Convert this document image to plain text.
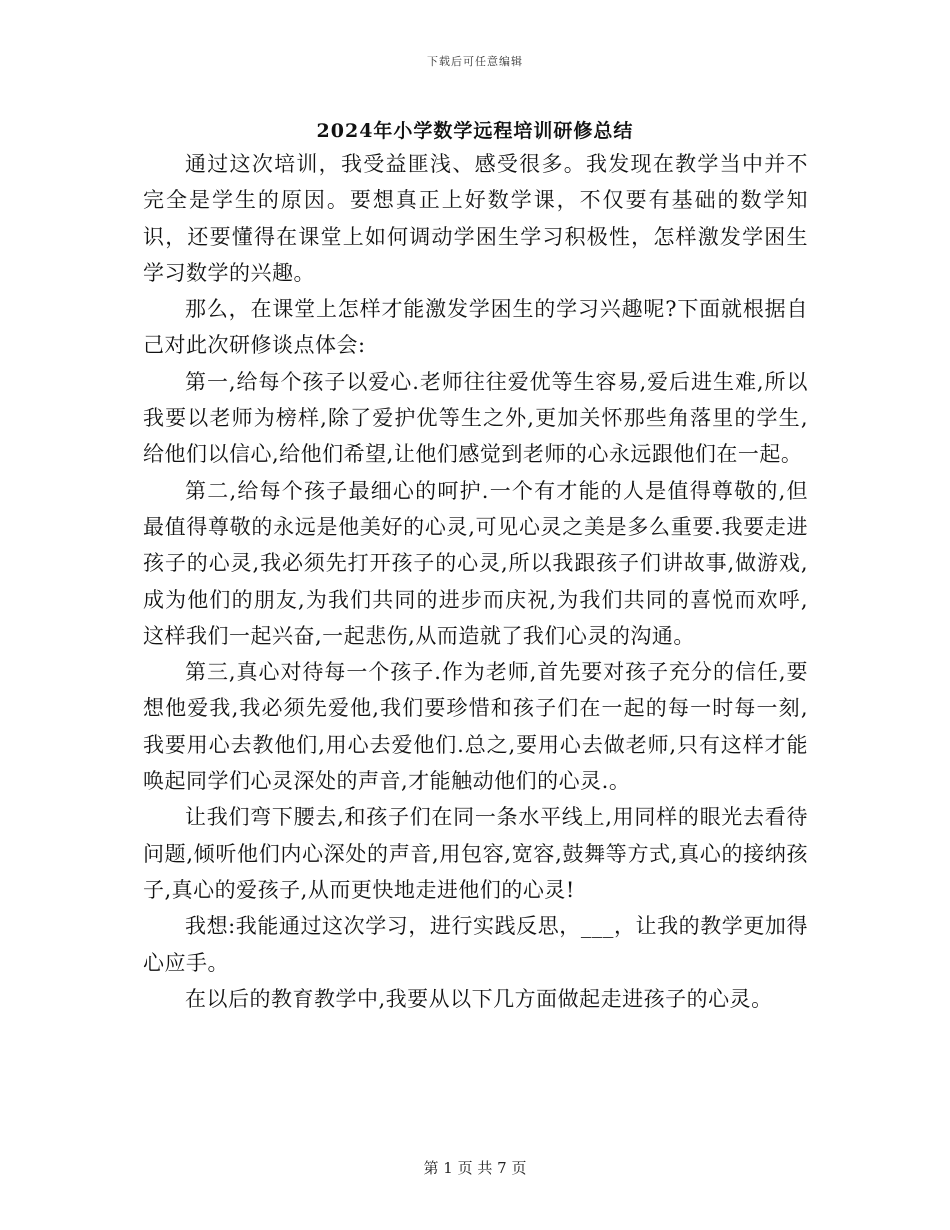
下载后可任意编辑
2024年小学数学远程培训研修总结

通过这次培训，我受益匪浅、感受很多。我发现在教学当中并不完全是学生的原因。要想真正上好数学课，不仅要有基础的数学知识，还要懂得在课堂上如何调动学困生学习积极性，怎样激发学困生学习数学的兴趣。

那么，在课堂上怎样才能激发学困生的学习兴趣呢?下面就根据自己对此次研修谈点体会:

第一,给每个孩子以爱心.老师往往爱优等生容易,爱后进生难,所以我要以老师为榜样,除了爱护优等生之外,更加关怀那些角落里的学生,给他们以信心,给他们希望,让他们感觉到老师的心永远跟他们在一起。

第二,给每个孩子最细心的呵护.一个有才能的人是值得尊敬的,但最值得尊敬的永远是他美好的心灵,可见心灵之美是多么重要.我要走进孩子的心灵,我必须先打开孩子的心灵,所以我跟孩子们讲故事,做游戏,成为他们的朋友,为我们共同的进步而庆祝,为我们共同的喜悦而欢呼,这样我们一起兴奋,一起悲伤,从而造就了我们心灵的沟通。

第三,真心对待每一个孩子.作为老师,首先要对孩子充分的信任,要想他爱我,我必须先爱他,我们要珍惜和孩子们在一起的每一时每一刻,我要用心去教他们,用心去爱他们.总之,要用心去做老师,只有这样才能唤起同学们心灵深处的声音,才能触动他们的心灵.。

让我们弯下腰去,和孩子们在同一条水平线上,用同样的眼光去看待问题,倾听他们内心深处的声音,用包容,宽容,鼓舞等方式,真心的接纳孩子,真心的爱孩子,从而更快地走进他们的心灵!

我想:我能通过这次学习，进行实践反思，___，让我的教学更加得心应手。

在以后的教育教学中,我要从以下几方面做起走进孩子的心灵。

第 1 页 共 7 页
